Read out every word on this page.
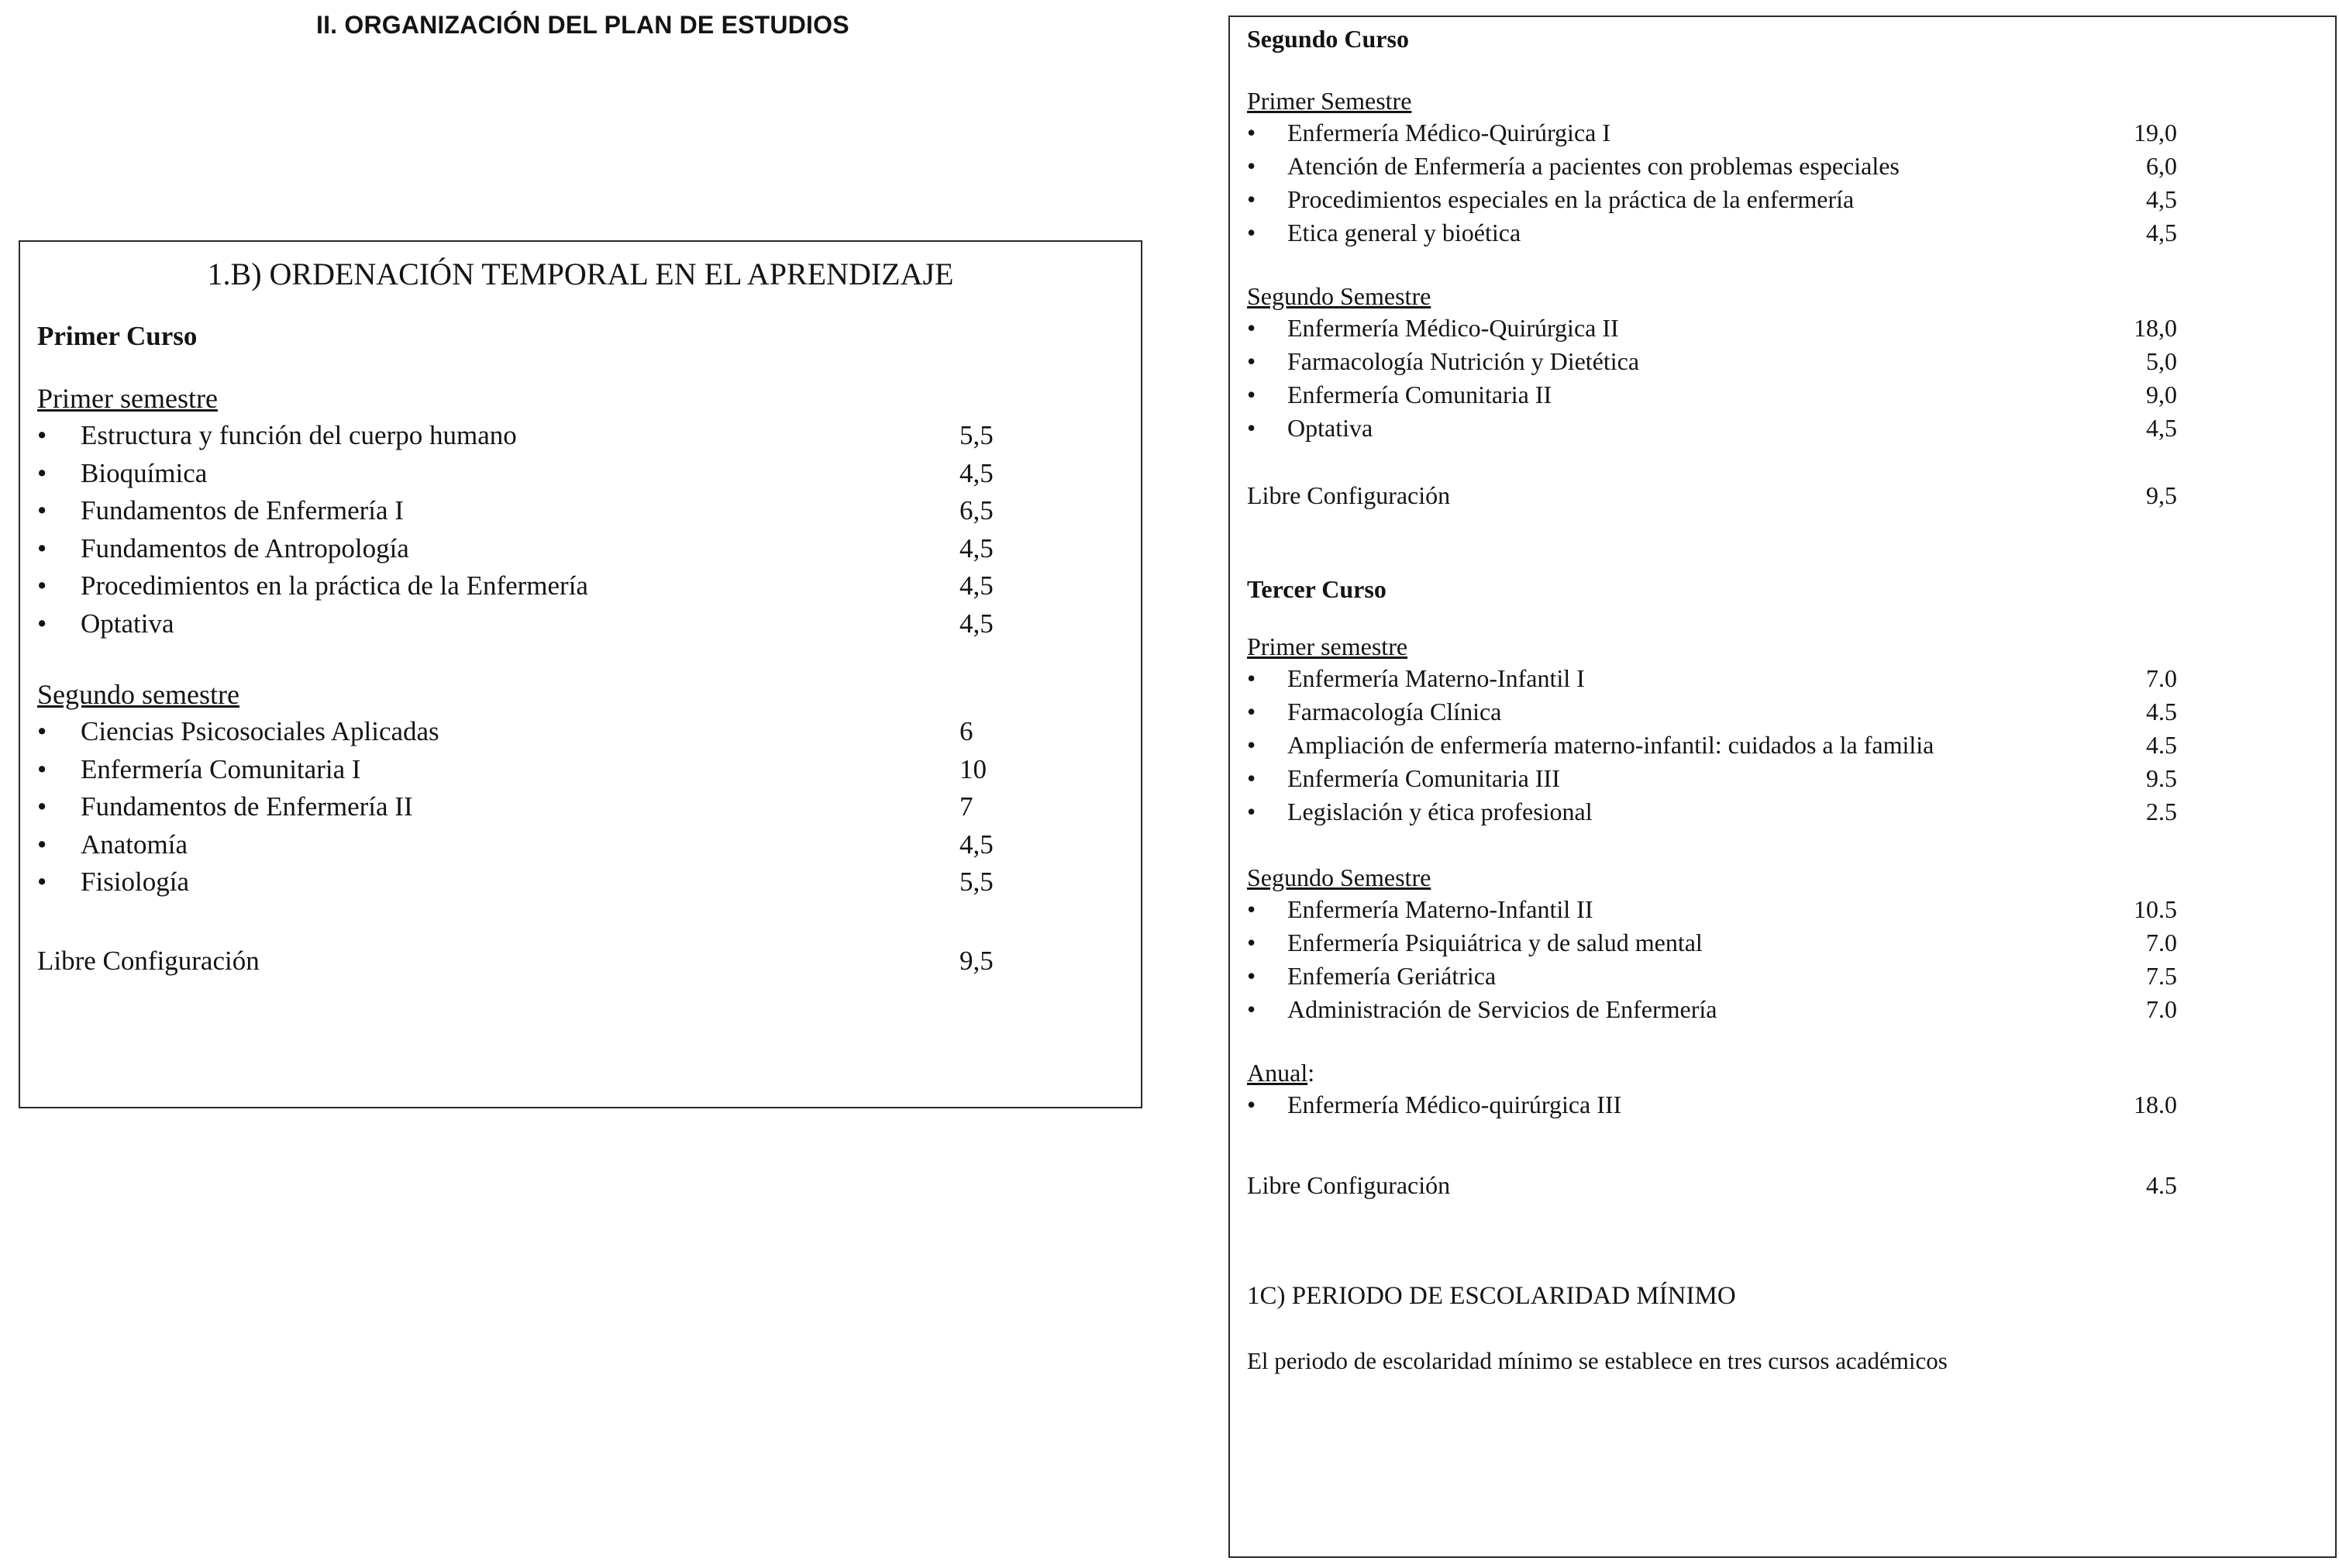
II. ORGANIZACIÓN DEL PLAN DE ESTUDIOS
1.B) ORDENACIÓN TEMPORAL EN EL APRENDIZAJE
Primer Curso
Primer semestre
• Estructura y función del cuerpo humano	5,5
• Bioquímica	4,5
• Fundamentos de Enfermería I	6,5
• Fundamentos de Antropología	4,5
• Procedimientos en la práctica de la Enfermería	4,5
• Optativa	4,5
Segundo semestre
• Ciencias Psicosociales Aplicadas	6
• Enfermería Comunitaria I	10
• Fundamentos de Enfermería II	7
• Anatomía	4,5
• Fisiología	5,5
Libre Configuración	9,5
Segundo Curso
Primer Semestre
• Enfermería Médico-Quirúrgica I	19,0
• Atención de Enfermería a pacientes con problemas especiales	6,0
• Procedimientos especiales en la práctica de la enfermería	4,5
• Etica general y bioética	4,5
Segundo Semestre
• Enfermería Médico-Quirúrgica II	18,0
• Farmacología Nutrición y Dietética	5,0
• Enfermería Comunitaria II	9,0
• Optativa	4,5
Libre Configuración	9,5
Tercer Curso
Primer semestre
• Enfermería Materno-Infantil I	7.0
• Farmacología Clínica	4.5
• Ampliación de enfermería materno-infantil: cuidados a la familia	4.5
• Enfermería Comunitaria III	9.5
• Legislación y ética profesional	2.5
Segundo Semestre
• Enfermería Materno-Infantil II	10.5
• Enfermería Psiquiátrica y de salud mental	7.0
• Enfemería Geriátrica	7.5
• Administración de Servicios de Enfermería	7.0
Anual:
• Enfermería Médico-quirúrgica III	18.0
Libre Configuración	4.5
1C) PERIODO DE ESCOLARIDAD MÍNIMO
El periodo de escolaridad mínimo se establece en tres cursos académicos
